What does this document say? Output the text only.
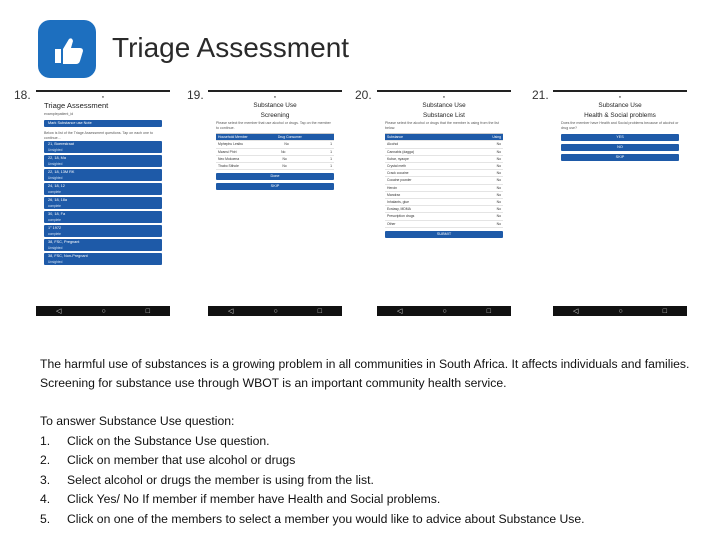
Triage Assessment
18.	19.	20.	21.
●
Triage Assessment
examplepatient_id
Mark Substance use Note
Below is list of the Triage Assessment questions. Tap on each one to continue...
21, Boerestraat
Unsighted
22, 18, Ma
Unsighted
22, 18, 13M RK
Unsighted
24, 18, 12
complete
26, 18, 18a
complete
30, 18, Fa
complete
1° 1972
complete
38, FSC, Pregnant
Unsighted
38, FSC, Non-Pregnant
Unsighted
◁	○	□
●
Substance Use
Screening
Please select the member that use alcohol or drugs. Tap on the member to continue.
Household Member	Drug Consumer
Mphephu Lesibu	No	1
Mzansi Phiri	No	1
Neo Mokoena	No	1
Thabo Sithole	No	1
Done
SKIP
◁	○	□
●
Substance Use
Substance List
Please select the alcohol or drugs that the member is using from the list below.
Substance	Using
Alcohol	No
Cannabis (dagga)	No
Kubar, nyaope	No
Crystal meth	No
Crack cocaine	No
Cocaine powder	No
Heroin	No
Mandrax	No
Inhalants, glue	No
Ecstasy, MDMA	No
Prescription drugs	No
Other	No
SUBMIT
◁	○	□
●
Substance Use
Health & Social problems
Does the member have Health and Social problems because of alcohol or drug use?
YES
NO
SKIP
◁	○	□
The harmful use of substances is a growing problem in all communities in South Africa. It affects individuals and families. Screening for substance use through WBOT is an important community health service.
To answer Substance Use question:
1.	Click on the Substance Use question.
2.	Click on member that use alcohol or drugs
3.	Select alcohol or drugs the member is using from the list.
4.	Click Yes/ No If member if member have Health and Social problems.
5.	Click on one of the members to select a member you would like to advice about Substance Use.
